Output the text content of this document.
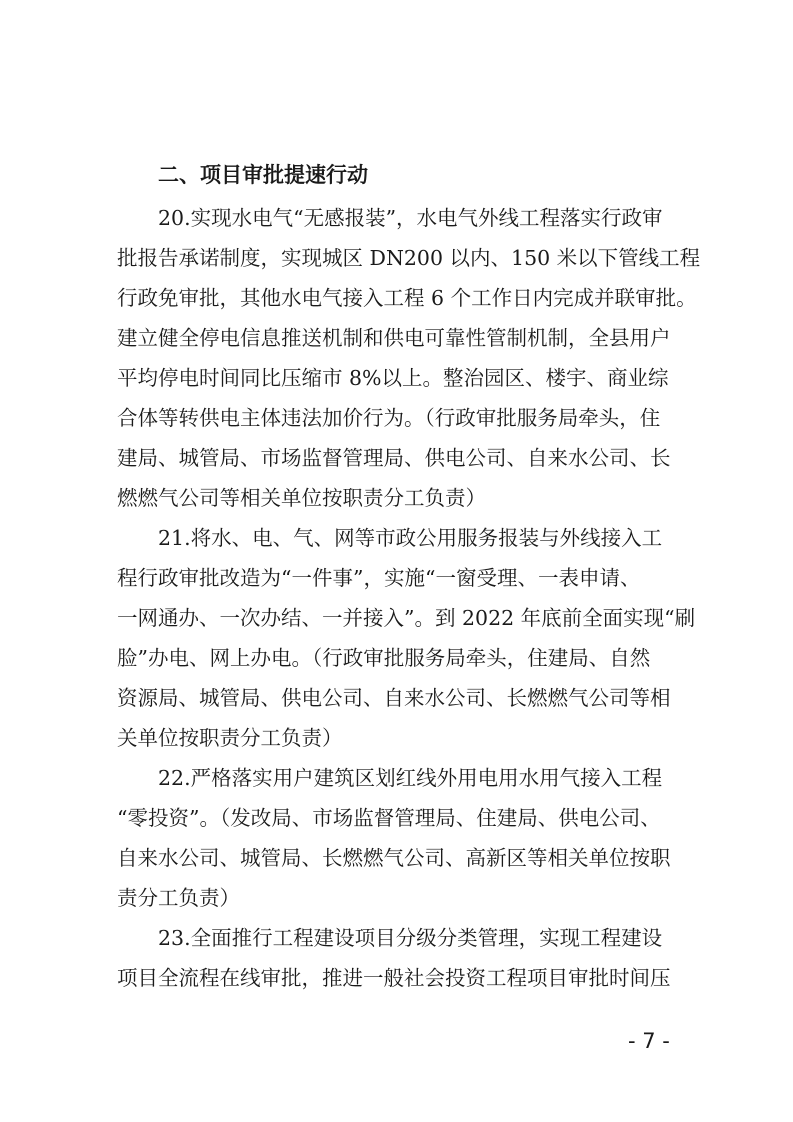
二、项目审批提速行动
20.实现水电气“无感报装”，水电气外线工程落实行政审
批报告承诺制度，实现城区 DN200 以内、150 米以下管线工程
行政免审批，其他水电气接入工程 6 个工作日内完成并联审批。
建立健全停电信息推送机制和供电可靠性管制机制，全县用户
平均停电时间同比压缩市 8%以上。整治园区、楼宇、商业综
合体等转供电主体违法加价行为。（行政审批服务局牵头，住
建局、城管局、市场监督管理局、供电公司、自来水公司、长
燃燃气公司等相关单位按职责分工负责）
21.将水、电、气、网等市政公用服务报装与外线接入工
程行政审批改造为“一件事”，实施“一窗受理、一表申请、
一网通办、一次办结、一并接入”。到 2022 年底前全面实现“刷
脸”办电、网上办电。（行政审批服务局牵头，住建局、自然
资源局、城管局、供电公司、自来水公司、长燃燃气公司等相
关单位按职责分工负责）
22.严格落实用户建筑区划红线外用电用水用气接入工程
“零投资”。（发改局、市场监督管理局、住建局、供电公司、
自来水公司、城管局、长燃燃气公司、高新区等相关单位按职
责分工负责）
23.全面推行工程建设项目分级分类管理，实现工程建设
项目全流程在线审批，推进一般社会投资工程项目审批时间压
- 7 -
